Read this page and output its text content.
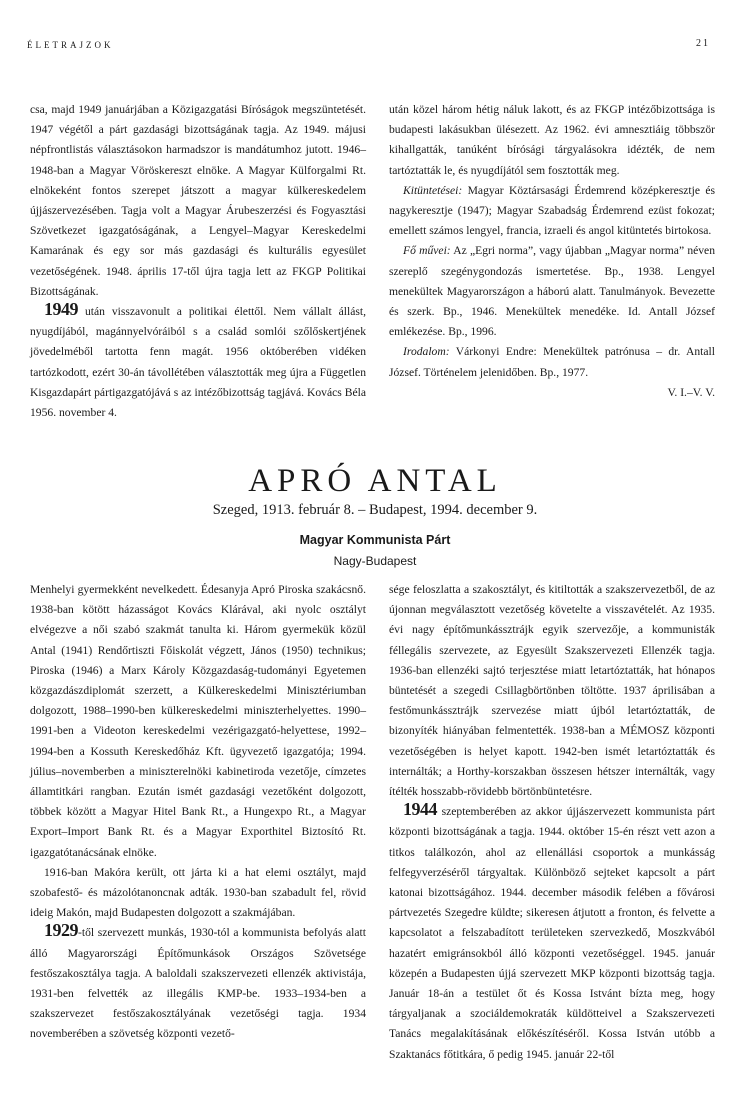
ÉLETRAJZOK	21

csa, majd 1949 januárjában a Közigazgatási Bíróságok megszüntetését. 1947 végétől a párt gazdasági bizottságának tagja. Az 1949. májusi népfrontlistás választásokon harmadszor is mandátumhoz jutott. 1946–1948-ban a Magyar Vöröskereszt elnöke. A Magyar Külforgalmi Rt. elnökeként fontos szerepet játszott a magyar külkereskedelem újjászervezésében. Tagja volt a Magyar Árubeszerzési és Fogyasztási Szövetkezet igazgatóságának, a Lengyel–Magyar Kereskedelmi Kamarának és egy sor más gazdasági és kulturális egyesület vezetőségének. 1948. április 17-től újra tagja lett az FKGP Politikai Bizottságának.

1949 után visszavonult a politikai élettől. Nem vállalt állást, nyugdíjából, magánnyelvóráiból s a család somlói szőlőskertjének jövedelméből tartotta fenn magát. 1956 októberében vidéken tartózkodott, ezért 30-án távollétében választották meg újra a Független Kisgazdapárt pártigazgatójává s az intézőbizottság tagjává. Kovács Béla 1956. november 4.

után közel három hétig náluk lakott, és az FKGP intézőbizottsága is budapesti lakásukban ülésezett. Az 1962. évi amnesztiáig többször kihallgatták, tanúként bírósági tárgyalásokra idézték, de nem tartóztatták le, és nyugdíjától sem fosztották meg.

Kitüntetései: Magyar Köztársasági Érdemrend középkeresztje és nagykeresztje (1947); Magyar Szabadság Érdemrend ezüst fokozat; emellett számos lengyel, francia, izraeli és angol kitüntetés birtokosa.

Fő művei: Az „Egri norma”, vagy újabban „Magyar norma” néven szereplő szegénygondozás ismertetése. Bp., 1938. Lengyel menekültek Magyarországon a háború alatt. Tanulmányok. Bevezette és szerk. Bp., 1946. Menekültek menedéke. Id. Antall József emlékezése. Bp., 1996.

Irodalom: Várkonyi Endre: Menekültek patrónusa – dr. Antall József. Történelem jelenidőben. Bp., 1977.

V. I.–V. V.

APRÓ ANTAL
Szeged, 1913. február 8. – Budapest, 1994. december 9.
Magyar Kommunista Párt
Nagy-Budapest

Menhelyi gyermekként nevelkedett. Édesanyja Apró Piroska szakácsnő. 1938-ban kötött házasságot Kovács Klárával, aki nyolc osztályt elvégezve a női szabó szakmát tanulta ki. Három gyermekük közül Antal (1941) Rendőrtiszti Főiskolát végzett, János (1950) technikus; Piroska (1946) a Marx Károly Közgazdaság-tudományi Egyetemen közgazdászdiplomát szerzett, a Külkereskedelmi Minisztériumban dolgozott, 1988–1990-ben külkereskedelmi miniszterhelyettes. 1990–1991-ben a Videoton kereskedelmi vezérigazgató-helyettese, 1992–1994-ben a Kossuth Kereskedőház Kft. ügyvezető igazgatója; 1994. július–novemberben a miniszterelnöki kabinetiroda vezetője, címzetes államtitkári rangban. Ezután ismét gazdasági vezetőként dolgozott, többek között a Magyar Hitel Bank Rt., a Hungexpo Rt., a Magyar Export–Import Bank Rt. és a Magyar Exporthitel Biztosító Rt. igazgatótanácsának elnöke.

1916-ban Makóra került, ott járta ki a hat elemi osztályt, majd szobafestő- és mázolótanoncnak adták. 1930-ban szabadult fel, rövid ideig Makón, majd Budapesten dolgozott a szakmájában.

1929-től szervezett munkás, 1930-tól a kommunista befolyás alatt álló Magyarországi Építőmunkások Országos Szövetsége festőszakosztálya tagja. A baloldali szakszervezeti ellenzék aktivistája, 1931-ben felvették az illegális KMP-be. 1933–1934-ben a szakszervezet festőszakosztályának vezetőségi tagja. 1934 novemberében a szövetség központi vezető-

sége feloszlatta a szakosztályt, és kitiltották a szakszervezetből, de az újonnan megválasztott vezetőség követelte a visszavételét. Az 1935. évi nagy építőmunkássztrájk egyik szervezője, a kommunisták féllegális szervezete, az Egyesült Szakszervezeti Ellenzék tagja. 1936-ban ellenzéki sajtó terjesztése miatt letartóztatták, hat hónapos büntetését a szegedi Csillagbörtönben töltötte. 1937 áprilisában a festőmunkássztrájk szervezése miatt újból letartóztatták, de bizonyíték hiányában felmentették. 1938-ban a MÉMOSZ központi vezetőségében is helyet kapott. 1942-ben ismét letartóztatták és internálták; a Horthy-korszakban összesen hétszer internálták, vagy ítélték hosszabb-rövidebb börtönbüntetésre.

1944 szeptemberében az akkor újjászervezett kommunista párt központi bizottságának a tagja. 1944. október 15-én részt vett azon a titkos találkozón, ahol az ellenállási csoportok a munkásság felfegyverzéséről tárgyaltak. Különböző sejteket kapcsolt a párt katonai bizottságához. 1944. december második felében a fővárosi pártvezetés Szegedre küldte; sikeresen átjutott a fronton, és felvette a kapcsolatot a felszabadított területeken szervezkedő, Moszkvából hazatért emigránsokból álló központi vezetőséggel. 1945. január közepén a Budapesten újjá szervezett MKP központi bizottság tagja. Január 18-án a testület őt és Kossa Istvánt bízta meg, hogy tárgyaljanak a szociáldemokraták küldötteivel a Szakszervezeti Tanács megalakításának előkészítéséről. Kossa István utóbb a Szaktanács főtitkára, ő pedig 1945. január 22-től
